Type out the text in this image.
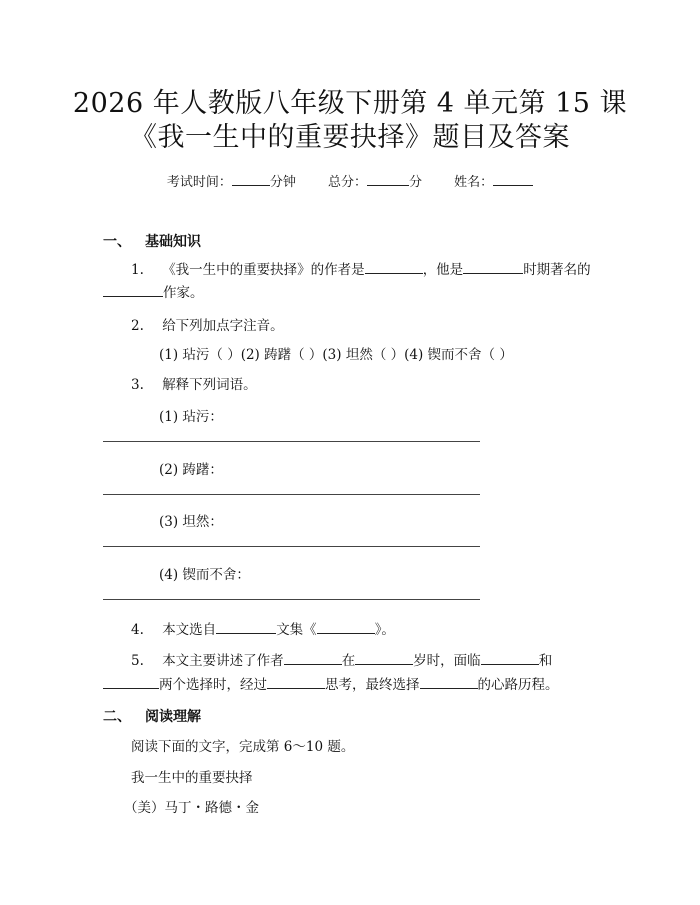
2026 年人教版八年级下册第 4 单元第 15 课
《我一生中的重要抉择》题目及答案
考试时间：	分钟 总分：	分 姓名：
一、 基础知识
1. 《我一生中的重要抉择》的作者是	，他是	时期著名的
作家。
2. 给下列加点字注音。
(1) 玷污（ ）(2) 踌躇（ ）(3) 坦然（ ）(4) 锲而不舍（ ）
3. 解释下列词语。
(1) 玷污：
(2) 踌躇：
(3) 坦然：
(4) 锲而不舍：
4. 本文选自	文集《	》。
5. 本文主要讲述了作者	在	岁时，面临	和
两个选择时，经过	思考，最终选择	的心路历程。
二、 阅读理解
阅读下面的文字，完成第 6～10 题。
我一生中的重要抉择
（美）马丁・路德・金
